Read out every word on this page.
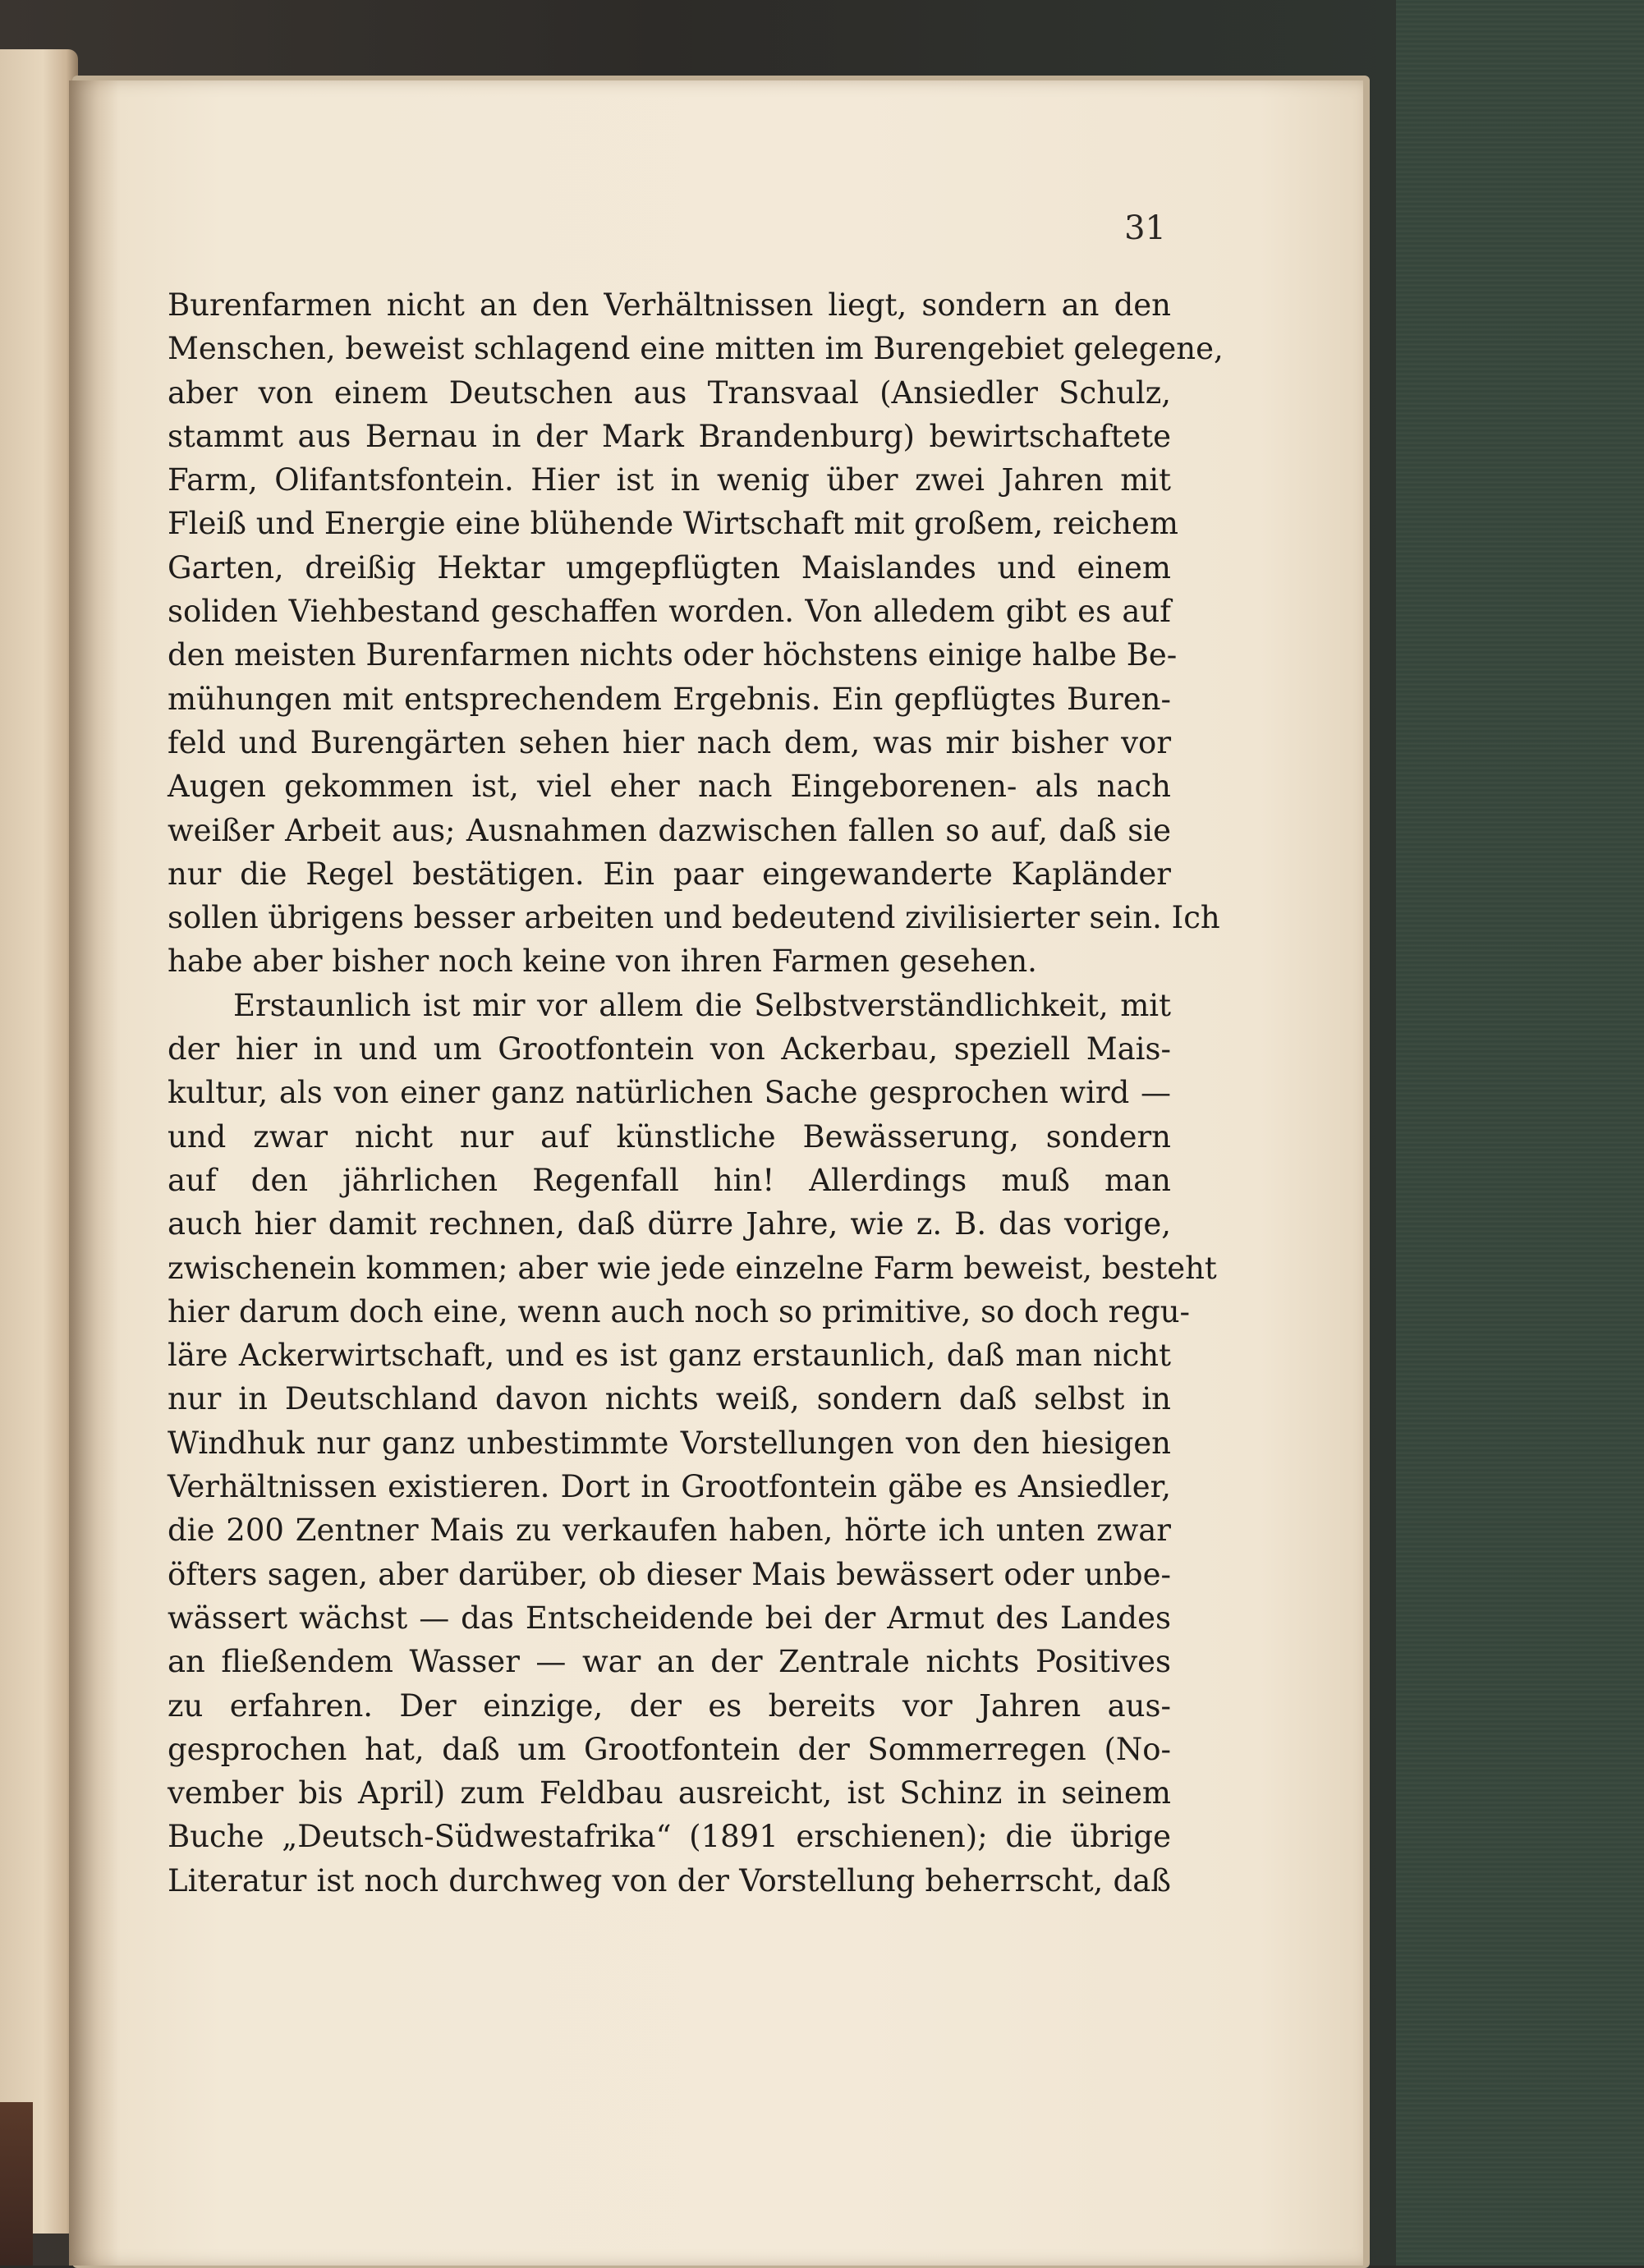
31
Burenfarmen nicht an den Verhältnissen liegt, sondern an den
Menschen, beweist schlagend eine mitten im Burengebiet gelegene,
aber von einem Deutschen aus Transvaal (Ansiedler Schulz,
stammt aus Bernau in der Mark Brandenburg) bewirtschaftete
Farm, Olifantsfontein. Hier ist in wenig über zwei Jahren mit
Fleiß und Energie eine blühende Wirtschaft mit großem, reichem
Garten, dreißig Hektar umgepflügten Maislandes und einem
soliden Viehbestand geschaffen worden. Von alledem gibt es auf
den meisten Burenfarmen nichts oder höchstens einige halbe Be-
mühungen mit entsprechendem Ergebnis. Ein gepflügtes Buren-
feld und Burengärten sehen hier nach dem, was mir bisher vor
Augen gekommen ist, viel eher nach Eingeborenen- als nach
weißer Arbeit aus; Ausnahmen dazwischen fallen so auf, daß sie
nur die Regel bestätigen. Ein paar eingewanderte Kapländer
sollen übrigens besser arbeiten und bedeutend zivilisierter sein. Ich
habe aber bisher noch keine von ihren Farmen gesehen.
Erstaunlich ist mir vor allem die Selbstverständlichkeit, mit
der hier in und um Grootfontein von Ackerbau, speziell Mais-
kultur, als von einer ganz natürlichen Sache gesprochen wird —
und zwar nicht nur auf künstliche Bewässerung, sondern
auf den jährlichen Regenfall hin! Allerdings muß man
auch hier damit rechnen, daß dürre Jahre, wie z. B. das vorige,
zwischenein kommen; aber wie jede einzelne Farm beweist, besteht
hier darum doch eine, wenn auch noch so primitive, so doch regu-
läre Ackerwirtschaft, und es ist ganz erstaunlich, daß man nicht
nur in Deutschland davon nichts weiß, sondern daß selbst in
Windhuk nur ganz unbestimmte Vorstellungen von den hiesigen
Verhältnissen existieren. Dort in Grootfontein gäbe es Ansiedler,
die 200 Zentner Mais zu verkaufen haben, hörte ich unten zwar
öfters sagen, aber darüber, ob dieser Mais bewässert oder unbe-
wässert wächst — das Entscheidende bei der Armut des Landes
an fließendem Wasser — war an der Zentrale nichts Positives
zu erfahren. Der einzige, der es bereits vor Jahren aus-
gesprochen hat, daß um Grootfontein der Sommerregen (No-
vember bis April) zum Feldbau ausreicht, ist Schinz in seinem
Buche „Deutsch-Südwestafrika“ (1891 erschienen); die übrige
Literatur ist noch durchweg von der Vorstellung beherrscht, daß
